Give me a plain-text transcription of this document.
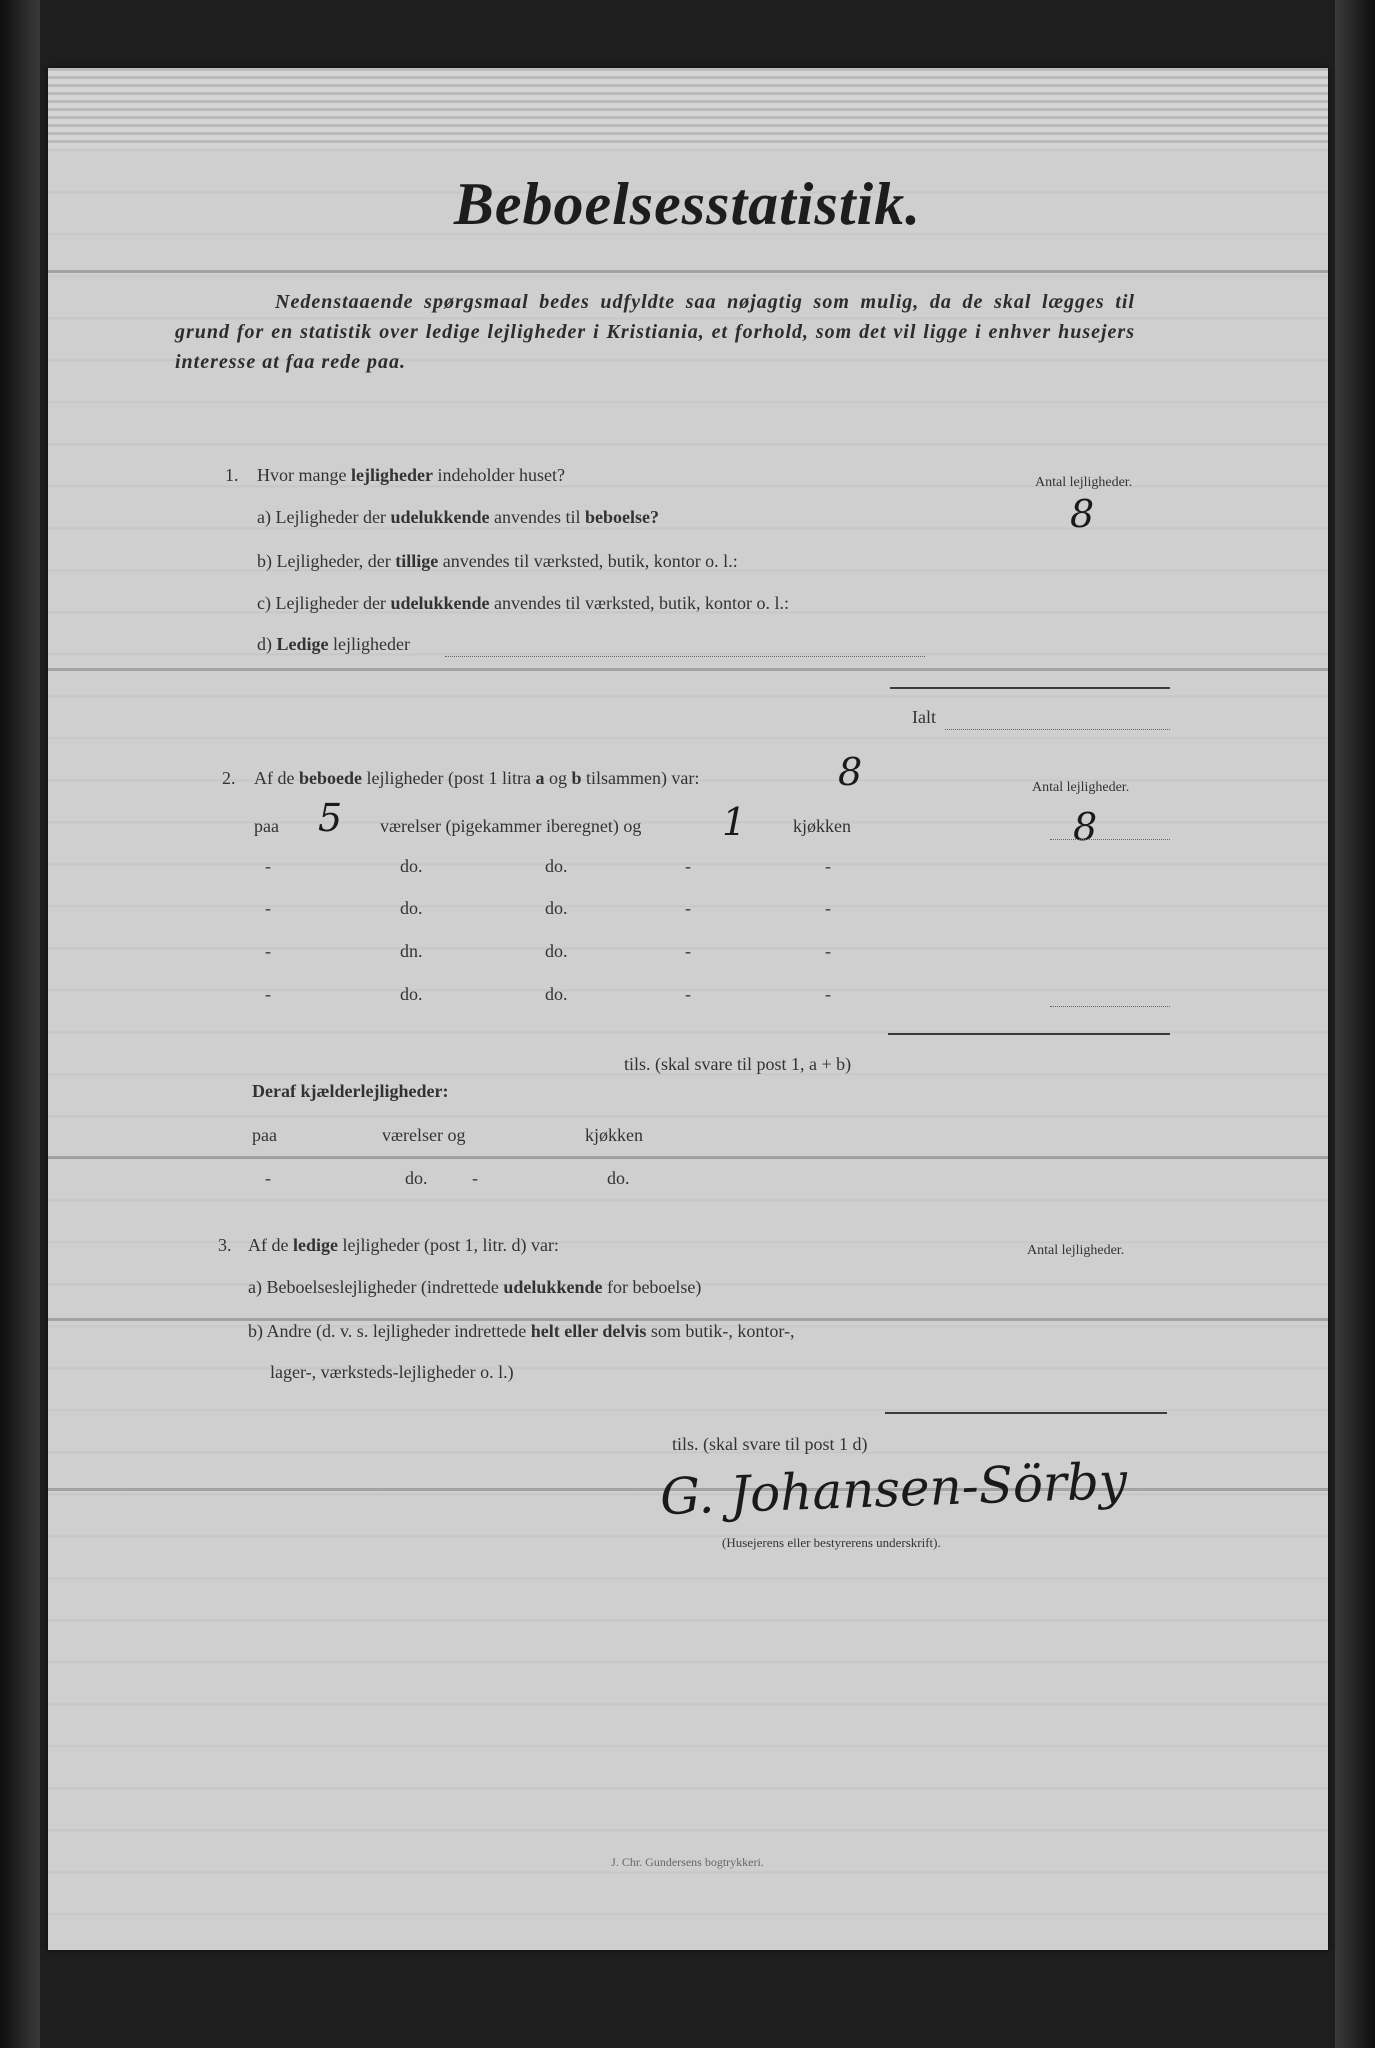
Beboelsesstatistik.
Nedenstaaende spørgsmaal bedes udfyldte saa nøjagtig som mulig, da de skal lægges til grund for en statistik over ledige lejligheder i Kristiania, et forhold, som det vil ligge i enhver husejers interesse at faa rede paa.
1. Hvor mange lejligheder indeholder huset?	Antal lejligheder.
a) Lejligheder der udelukkende anvendes til beboelse?	8
b) Lejligheder, der tillige anvendes til værksted, butik, kontor o. l.:
c) Lejligheder der udelukkende anvendes til værksted, butik, kontor o. l.:
d) Ledige lejligheder
Ialt
2. Af de beboede lejligheder (post 1 litra a og b tilsammen) var:	8	Antal lejligheder.
paa 5 værelser (pigekammer iberegnet) og 1	kjøkken	8
-	do.	do.	-	-
-	do.	do.	-	-
-	dn.	do.	-	-
-	do.	do.	-	-
tils. (skal svare til post 1, a + b)
Deraf kjælderlejligheder:
paa	værelser og	kjøkken
-	do. -	do.
3. Af de ledige lejligheder (post 1, litr. d) var:	Antal lejligheder.
a) Beboelseslejligheder (indrettede udelukkende for beboelse)
b) Andre (d. v. s. lejligheder indrettede helt eller delvis som butik-, kontor-,
lager-, værksteds-lejligheder o. l.)
tils. (skal svare til post 1 d)
G. Johansen-Sörby
(Husejerens eller bestyrerens underskrift).
J. Chr. Gundersens bogtrykkeri.
